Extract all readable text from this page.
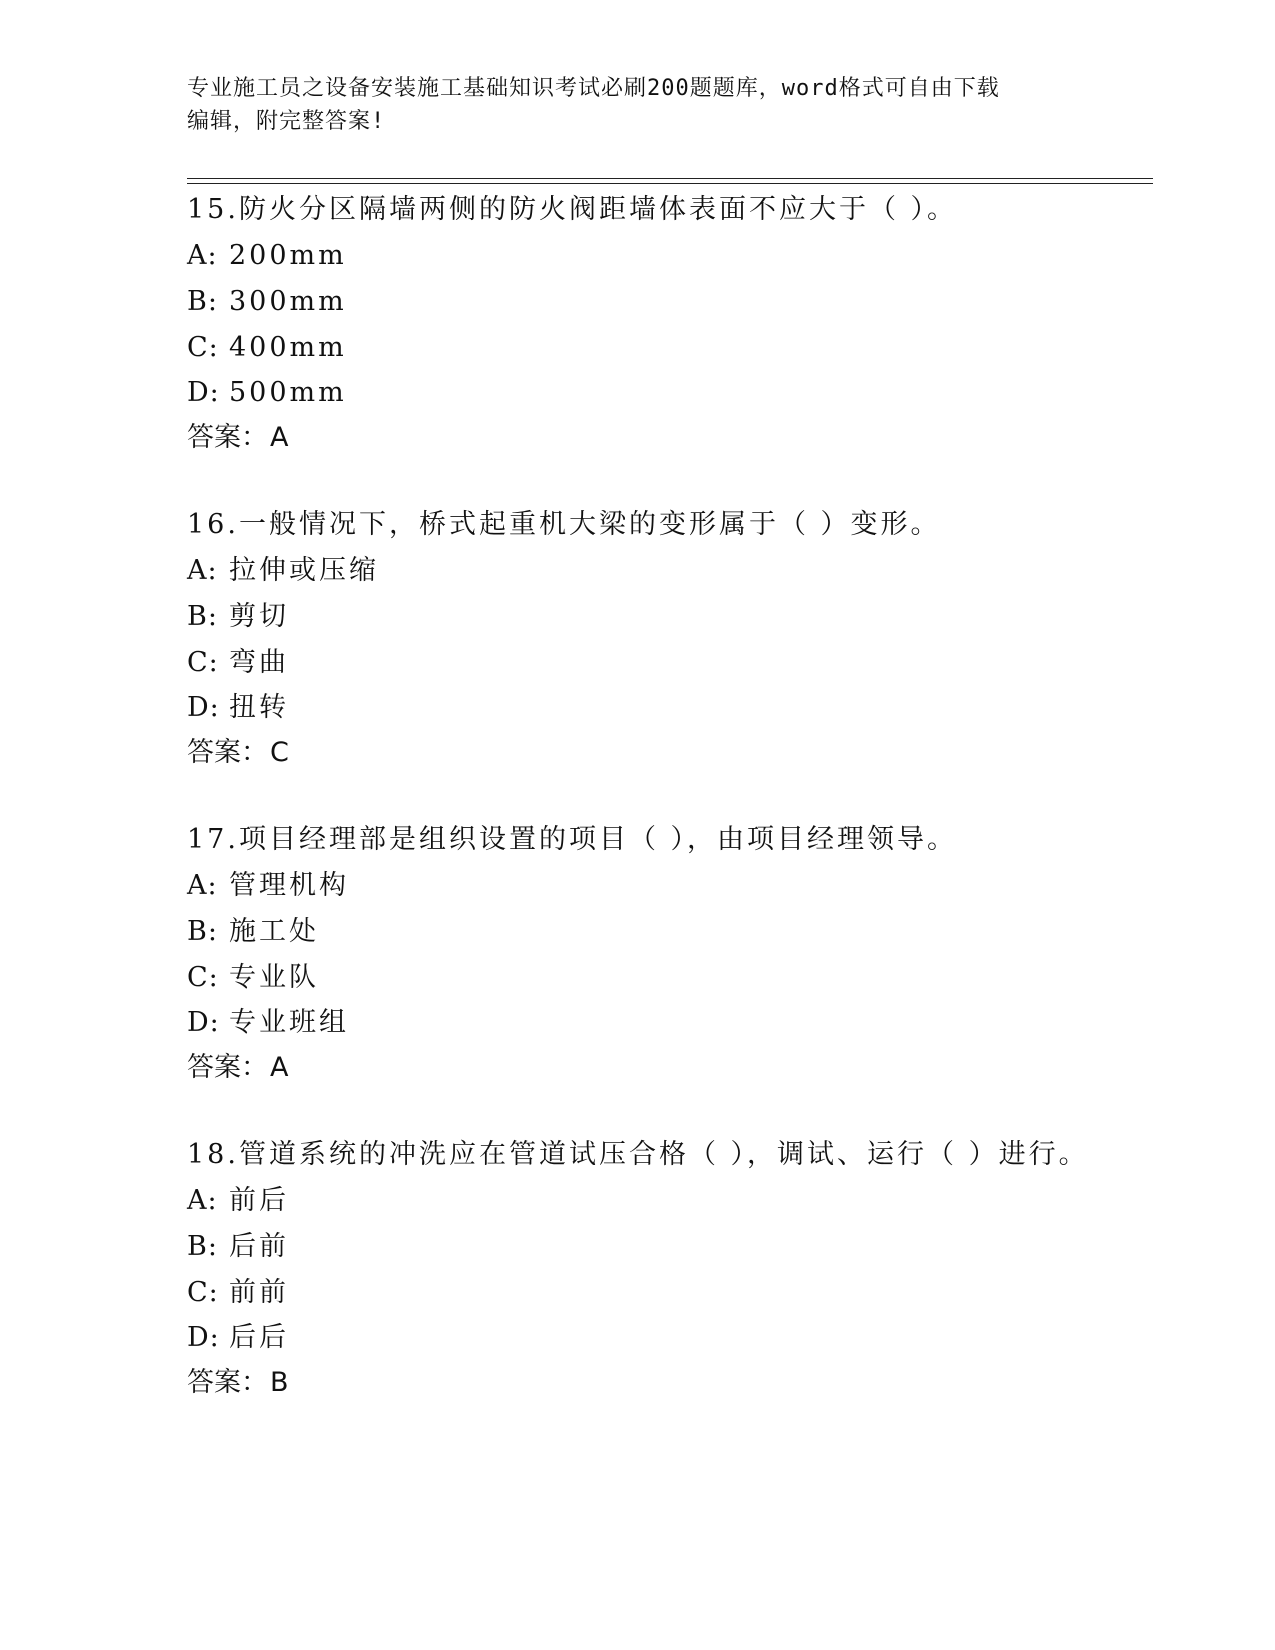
专业施工员之设备安装施工基础知识考试必刷200题题库，word格式可自由下载
编辑，附完整答案!
15.防火分区隔墙两侧的防火阀距墙体表面不应大于（ ）。
A: 200mm
B: 300mm
C: 400mm
D: 500mm
答案：A
16.一般情况下，桥式起重机大梁的变形属于（ ）变形。
A: 拉伸或压缩
B: 剪切
C: 弯曲
D: 扭转
答案：C
17.项目经理部是组织设置的项目（ ），由项目经理领导。
A: 管理机构
B: 施工处
C: 专业队
D: 专业班组
答案：A
18.管道系统的冲洗应在管道试压合格（ ），调试、运行（ ）进行。
A: 前后
B: 后前
C: 前前
D: 后后
答案：B
